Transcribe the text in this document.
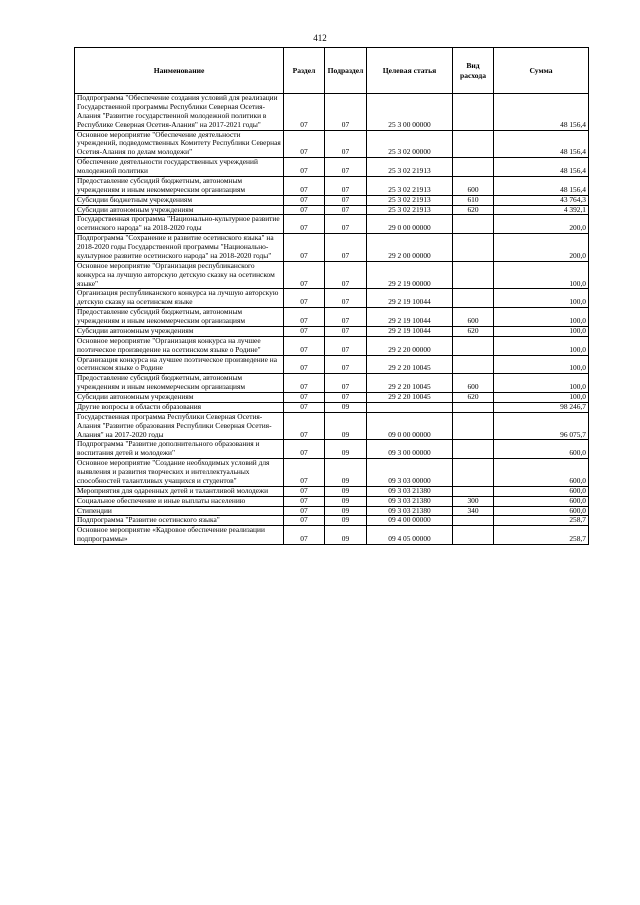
412
Наименование	Раздел	Подраздел	Целевая статья	Вид расхода	Сумма
Подпрограмма "Обеспечение создания условий для реализации Государственной программы Республики Северная Осетия-Алания "Развитие государственной молодежной политики в Республике Северная Осетия-Алания" на 2017-2021 годы"	07	07	25 3 00 00000		48 156,4
Основное мероприятие "Обеспечение деятельности учреждений, подведомственных Комитету Республики Северная Осетия-Алания по делам молодежи"	07	07	25 3 02 00000		48 156,4
Обеспечение деятельности государственных учреждений молодежной политики	07	07	25 3 02 21913		48 156,4
Предоставление субсидий бюджетным, автономным учреждениям и иным некоммерческим организациям	07	07	25 3 02 21913	600	48 156,4
Субсидии бюджетным учреждениям	07	07	25 3 02 21913	610	43 764,3
Субсидии автономным учреждениям	07	07	25 3 02 21913	620	4 392,1
Государственная программа "Национально-культурное развитие осетинского народа" на 2018-2020 годы	07	07	29 0 00 00000		200,0
Подпрограмма "Сохранение и развитие осетинского языка" на 2018-2020 годы Государственной программы "Национально-культурное развитие осетинского народа" на 2018-2020 годы"	07	07	29 2 00 00000		200,0
Основное мероприятие "Организация республиканского конкурса на лучшую авторскую детскую сказку на осетинском языке"	07	07	29 2 19 00000		100,0
Организация республиканского конкурса на лучшую авторскую детскую сказку на осетинском языке	07	07	29 2 19 10044		100,0
Предоставление субсидий бюджетным, автономным учреждениям и иным некоммерческим организациям	07	07	29 2 19 10044	600	100,0
Субсидии автономным учреждениям	07	07	29 2 19 10044	620	100,0
Основное мероприятие "Организация конкурса на лучшее поэтическое произведение на осетинском языке о Родине"	07	07	29 2 20 00000		100,0
Организация конкурса на лучшее поэтическое произведение на осетинском языке о Родине	07	07	29 2 20 10045		100,0
Предоставление субсидий бюджетным, автономным учреждениям и иным некоммерческим организациям	07	07	29 2 20 10045	600	100,0
Субсидии автономным учреждениям	07	07	29 2 20 10045	620	100,0
Другие вопросы в области образования	07	09			98 246,7
Государственная программа Республики Северная Осетия-Алания "Развитие образования Республики Северная Осетия-Алания" на 2017-2020 годы	07	09	09 0 00 00000		96 075,7
Подпрограмма "Развитие дополнительного образования и воспитания детей и молодежи"	07	09	09 3 00 00000		600,0
Основное мероприятие "Создание необходимых условий для выявления и развития творческих и интеллектуальных способностей талантливых учащихся и студентов"	07	09	09 3 03 00000		600,0
Мероприятия для одаренных детей и талантливой молодежи	07	09	09 3 03 21380		600,0
Социальное обеспечение и иные выплаты населению	07	09	09 3 03 21380	300	600,0
Стипендии	07	09	09 3 03 21380	340	600,0
Подпрограмма "Развитие осетинского языка"	07	09	09 4 00 00000		258,7
Основное мероприятие «Кадровое обеспечение реализации подпрограммы»	07	09	09 4 05 00000		258,7
